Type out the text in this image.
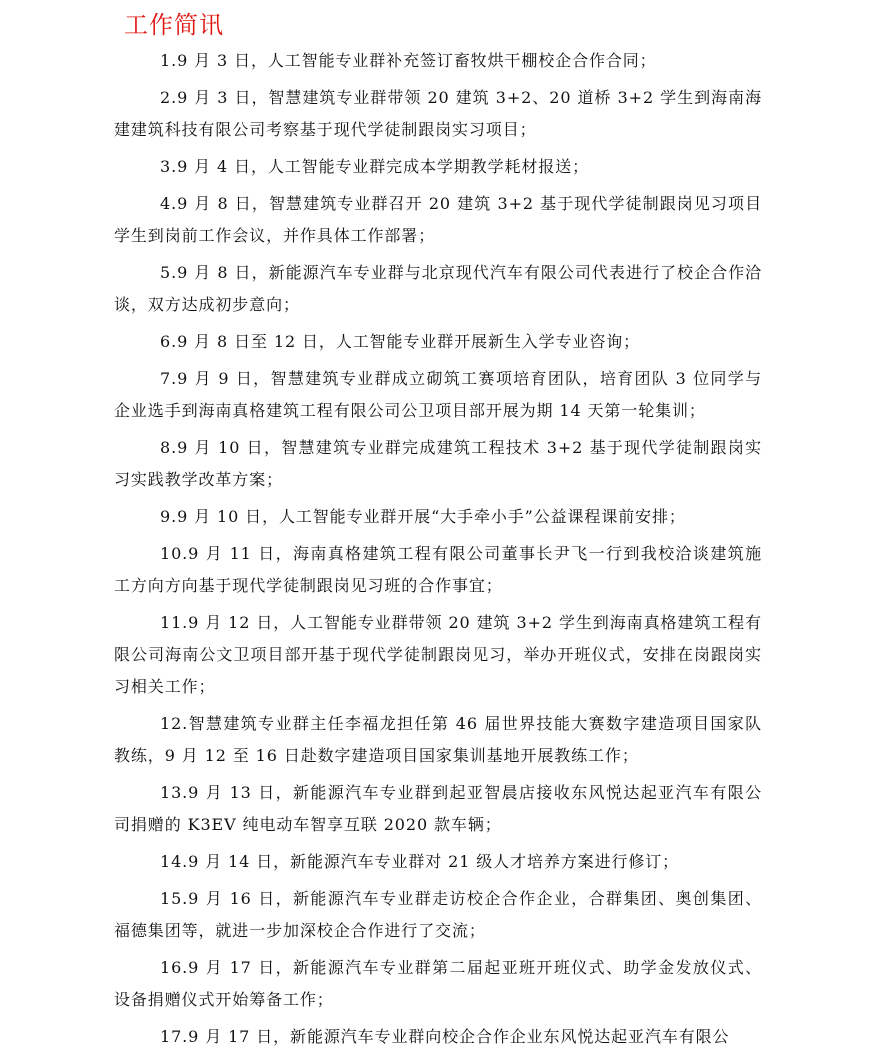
工作简讯

1.9 月 3 日，人工智能专业群补充签订畜牧烘干棚校企合作合同；

2.9 月 3 日，智慧建筑专业群带领 20 建筑 3+2、20 道桥 3+2 学生到海南海建建筑科技有限公司考察基于现代学徒制跟岗实习项目；

3.9 月 4 日，人工智能专业群完成本学期教学耗材报送；

4.9 月 8 日，智慧建筑专业群召开 20 建筑 3+2 基于现代学徒制跟岗见习项目学生到岗前工作会议，并作具体工作部署；

5.9 月 8 日，新能源汽车专业群与北京现代汽车有限公司代表进行了校企合作洽谈，双方达成初步意向；

6.9 月 8 日至 12 日，人工智能专业群开展新生入学专业咨询；

7.9 月 9 日，智慧建筑专业群成立砌筑工赛项培育团队，培育团队 3 位同学与企业选手到海南真格建筑工程有限公司公卫项目部开展为期 14 天第一轮集训；

8.9 月 10 日，智慧建筑专业群完成建筑工程技术 3+2 基于现代学徒制跟岗实习实践教学改革方案；

9.9 月 10 日，人工智能专业群开展“大手牵小手”公益课程课前安排；

10.9 月 11 日，海南真格建筑工程有限公司董事长尹飞一行到我校洽谈建筑施工方向方向基于现代学徒制跟岗见习班的合作事宜；

11.9 月 12 日，人工智能专业群带领 20 建筑 3+2 学生到海南真格建筑工程有限公司海南公文卫项目部开基于现代学徒制跟岗见习，举办开班仪式，安排在岗跟岗实习相关工作；

12.智慧建筑专业群主任李福龙担任第 46 届世界技能大赛数字建造项目国家队教练，9 月 12 至 16 日赴数字建造项目国家集训基地开展教练工作；

13.9 月 13 日，新能源汽车专业群到起亚智晨店接收东风悦达起亚汽车有限公司捐赠的 K3EV 纯电动车智享互联 2020 款车辆；

14.9 月 14 日，新能源汽车专业群对 21 级人才培养方案进行修订；

15.9 月 16 日，新能源汽车专业群走访校企合作企业，合群集团、奥创集团、福德集团等，就进一步加深校企合作进行了交流；

16.9 月 17 日，新能源汽车专业群第二届起亚班开班仪式、助学金发放仪式、设备捐赠仪式开始筹备工作；

17.9 月 17 日，新能源汽车专业群向校企合作企业东风悦达起亚汽车有限公
